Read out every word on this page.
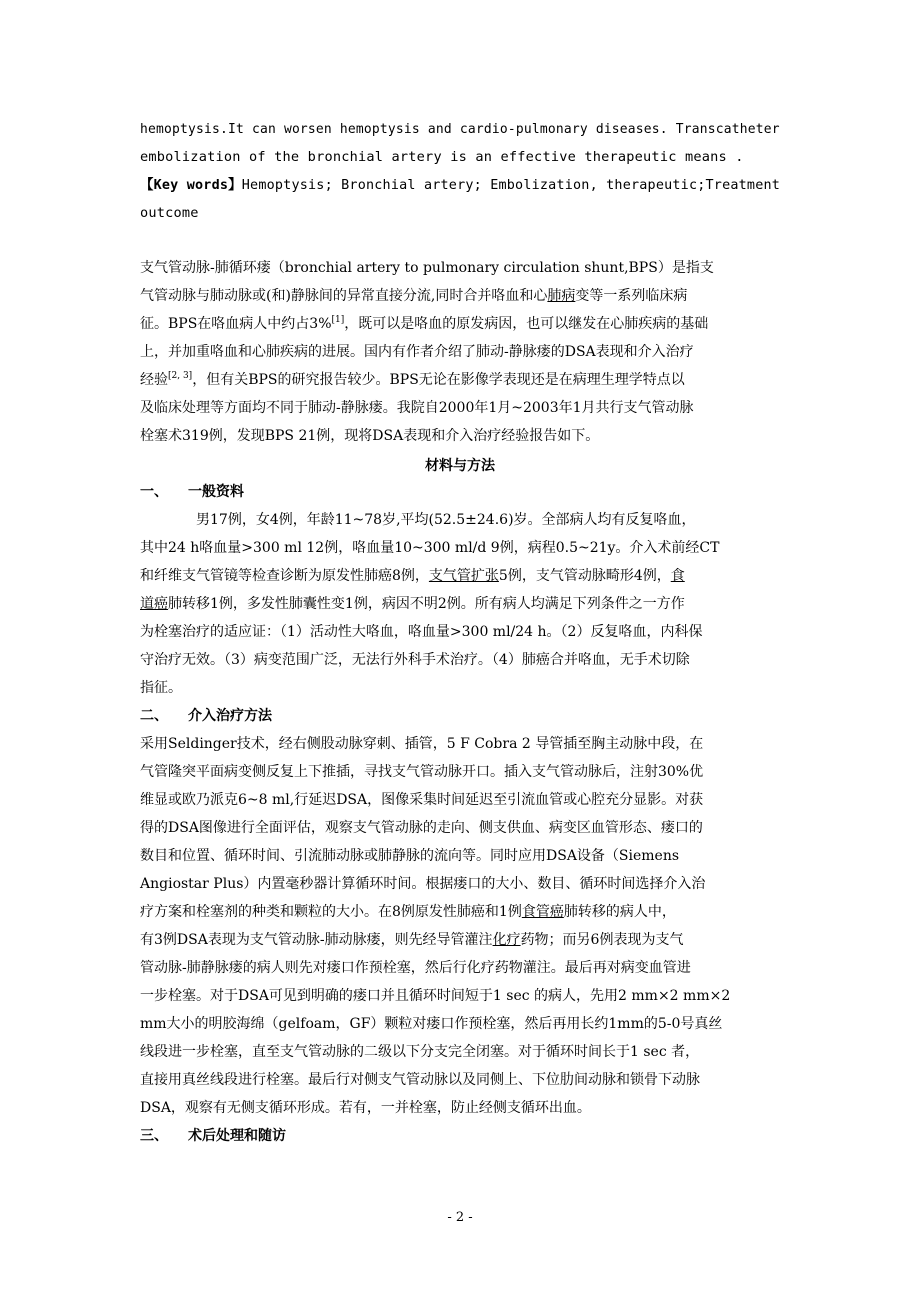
hemoptysis.It can worsen hemoptysis and cardio-pulmonary diseases. Transcatheter
embolization of the bronchial artery is an effective therapeutic means .
【Key words】Hemoptysis; Bronchial artery; Embolization, therapeutic;Treatment
outcome
支气管动脉-肺循环瘘（bronchial artery to pulmonary circulation shunt,BPS）是指支
气管动脉与肺动脉或(和)静脉间的异常直接分流,同时合并咯血和心肺病变等一系列临床病
征。BPS在咯血病人中约占3%[1]，既可以是咯血的原发病因，也可以继发在心肺疾病的基础
上，并加重咯血和心肺疾病的进展。国内有作者介绍了肺动-静脉瘘的DSA表现和介入治疗
经验[2, 3]，但有关BPS的研究报告较少。BPS无论在影像学表现还是在病理生理学特点以
及临床处理等方面均不同于肺动-静脉瘘。我院自2000年1月~2003年1月共行支气管动脉
栓塞术319例，发现BPS 21例，现将DSA表现和介入治疗经验报告如下。
材料与方法
一、 一般资料
男17例，女4例，年龄11~78岁,平均(52.5±24.6)岁。全部病人均有反复咯血，
其中24 h咯血量>300 ml 12例，咯血量10~300 ml/d 9例，病程0.5~21y。介入术前经CT
和纤维支气管镜等检查诊断为原发性肺癌8例，支气管扩张5例，支气管动脉畸形4例，食
道癌肺转移1例，多发性肺囊性变1例，病因不明2例。所有病人均满足下列条件之一方作
为栓塞治疗的适应证：（1）活动性大咯血，咯血量>300 ml/24 h。（2）反复咯血，内科保
守治疗无效。（3）病变范围广泛，无法行外科手术治疗。（4）肺癌合并咯血，无手术切除
指征。
二、 介入治疗方法
采用Seldinger技术，经右侧股动脉穿刺、插管，5 F Cobra 2 导管插至胸主动脉中段，在
气管隆突平面病变侧反复上下推插，寻找支气管动脉开口。插入支气管动脉后，注射30%优
维显或欧乃派克6~8 ml,行延迟DSA，图像采集时间延迟至引流血管或心腔充分显影。对获
得的DSA图像进行全面评估，观察支气管动脉的走向、侧支供血、病变区血管形态、瘘口的
数目和位置、循环时间、引流肺动脉或肺静脉的流向等。同时应用DSA设备（Siemens
Angiostar Plus）内置毫秒器计算循环时间。根据瘘口的大小、数目、循环时间选择介入治
疗方案和栓塞剂的种类和颗粒的大小。在8例原发性肺癌和1例食管癌肺转移的病人中，
有3例DSA表现为支气管动脉-肺动脉瘘，则先经导管灌注化疗药物；而另6例表现为支气
管动脉-肺静脉瘘的病人则先对瘘口作预栓塞，然后行化疗药物灌注。最后再对病变血管进
一步栓塞。对于DSA可见到明确的瘘口并且循环时间短于1 sec 的病人，先用2 mm×2 mm×2
mm大小的明胶海绵（gelfoam，GF）颗粒对瘘口作预栓塞，然后再用长约1mm的5-0号真丝
线段进一步栓塞，直至支气管动脉的二级以下分支完全闭塞。对于循环时间长于1 sec 者，
直接用真丝线段进行栓塞。最后行对侧支气管动脉以及同侧上、下位肋间动脉和锁骨下动脉
DSA，观察有无侧支循环形成。若有，一并栓塞，防止经侧支循环出血。
三、 术后处理和随访
- 2 -
